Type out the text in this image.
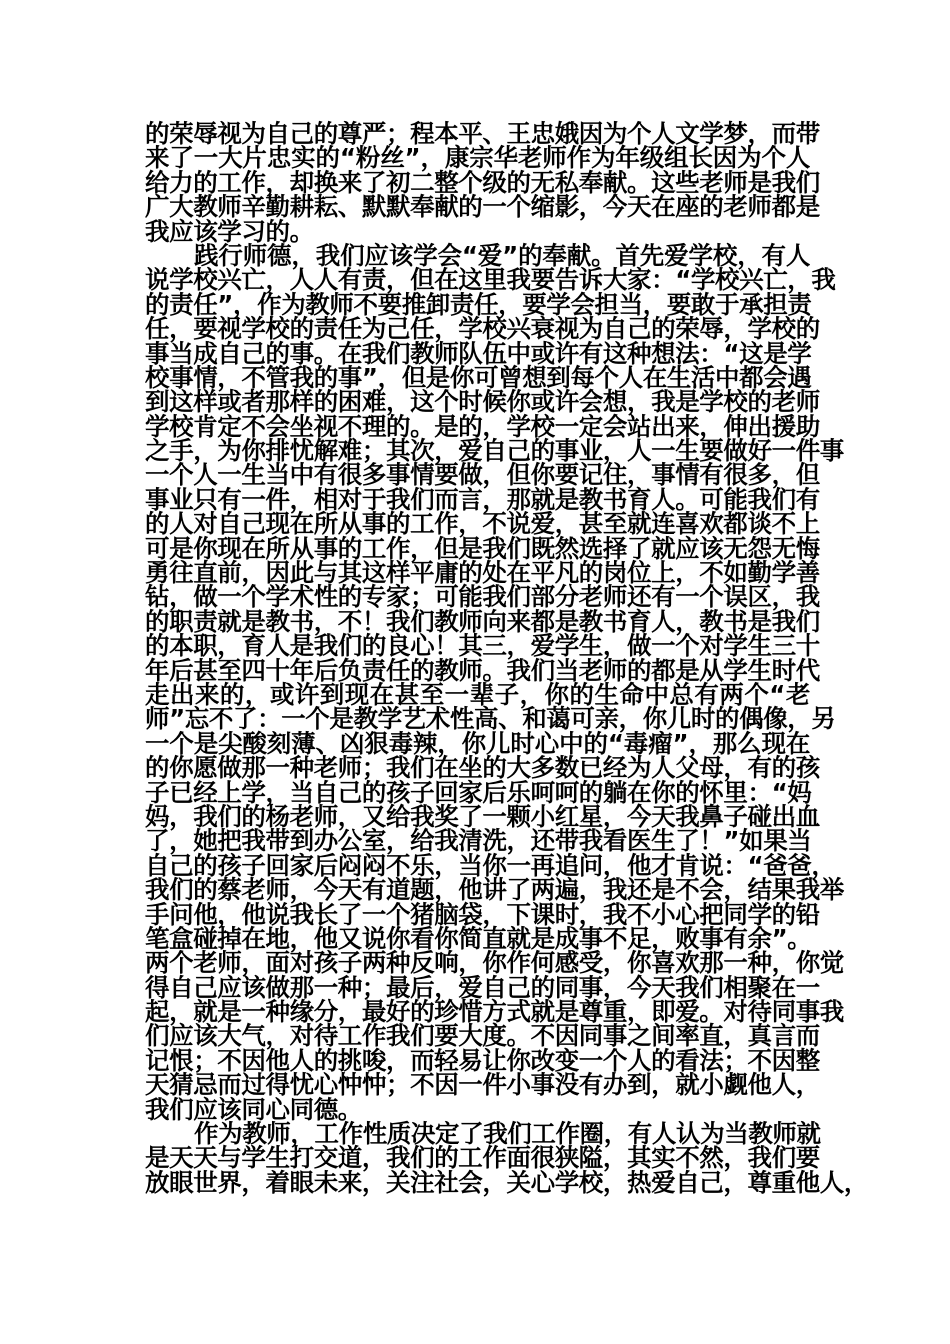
的荣辱视为自己的尊严；程本平、王忠娥因为个人文学梦，而带
来了一大片忠实的“粉丝”，康宗华老师作为年级组长因为个人
给力的工作，却换来了初二整个级的无私奉献。这些老师是我们
广大教师辛勤耕耘、默默奉献的一个缩影，今天在座的老师都是
我应该学习的。
践行师德，我们应该学会“爱”的奉献。首先爱学校，有人
说学校兴亡，人人有责，但在这里我要告诉大家：“学校兴亡，我
的责任”，作为教师不要推卸责任，要学会担当，要敢于承担责
任，要视学校的责任为己任，学校兴衰视为自己的荣辱，学校的
事当成自己的事。在我们教师队伍中或许有这种想法：“这是学
校事情，不管我的事”，但是你可曾想到每个人在生活中都会遇
到这样或者那样的困难，这个时候你或许会想，我是学校的老师
学校肯定不会坐视不理的。是的，学校一定会站出来，伸出援助
之手，为你排忧解难；其次，爱自己的事业，人一生要做好一件事
一个人一生当中有很多事情要做，但你要记住，事情有很多，但
事业只有一件，相对于我们而言，那就是教书育人。可能我们有
的人对自己现在所从事的工作，不说爱，甚至就连喜欢都谈不上
可是你现在所从事的工作，但是我们既然选择了就应该无怨无悔
勇往直前，因此与其这样平庸的处在平凡的岗位上，不如勤学善
钻，做一个学术性的专家；可能我们部分老师还有一个误区，我
的职责就是教书，不！我们教师向来都是教书育人，教书是我们
的本职，育人是我们的良心！其三，爱学生，做一个对学生三十
年后甚至四十年后负责任的教师。我们当老师的都是从学生时代
走出来的，或许到现在甚至一辈子，你的生命中总有两个“老
师”忘不了：一个是教学艺术性高、和蔼可亲，你儿时的偶像，另
一个是尖酸刻薄、凶狠毒辣，你儿时心中的“毒瘤”，那么现在
的你愿做那一种老师；我们在坐的大多数已经为人父母，有的孩
子已经上学，当自己的孩子回家后乐呵呵的躺在你的怀里：“妈
妈，我们的杨老师，又给我奖了一颗小红星，今天我鼻子碰出血
了，她把我带到办公室，给我清洗，还带我看医生了！”如果当
自己的孩子回家后闷闷不乐，当你一再追问，他才肯说：“爸爸，
我们的蔡老师，今天有道题，他讲了两遍，我还是不会，结果我举
手问他，他说我长了一个猪脑袋，下课时，我不小心把同学的铅
笔盒碰掉在地，他又说你看你简直就是成事不足，败事有余”。
两个老师，面对孩子两种反响，你作何感受，你喜欢那一种，你觉
得自己应该做那一种；最后，爱自己的同事，今天我们相聚在一
起，就是一种缘分，最好的珍惜方式就是尊重，即爱。对待同事我
们应该大气，对待工作我们要大度。不因同事之间率直，真言而
记恨；不因他人的挑唆，而轻易让你改变一个人的看法；不因整
天猜忌而过得忧心忡忡；不因一件小事没有办到，就小觑他人，
我们应该同心同德。
作为教师，工作性质决定了我们工作圈，有人认为当教师就
是天天与学生打交道，我们的工作面很狭隘，其实不然，我们要
放眼世界，着眼未来，关注社会，关心学校，热爱自己，尊重他人，
